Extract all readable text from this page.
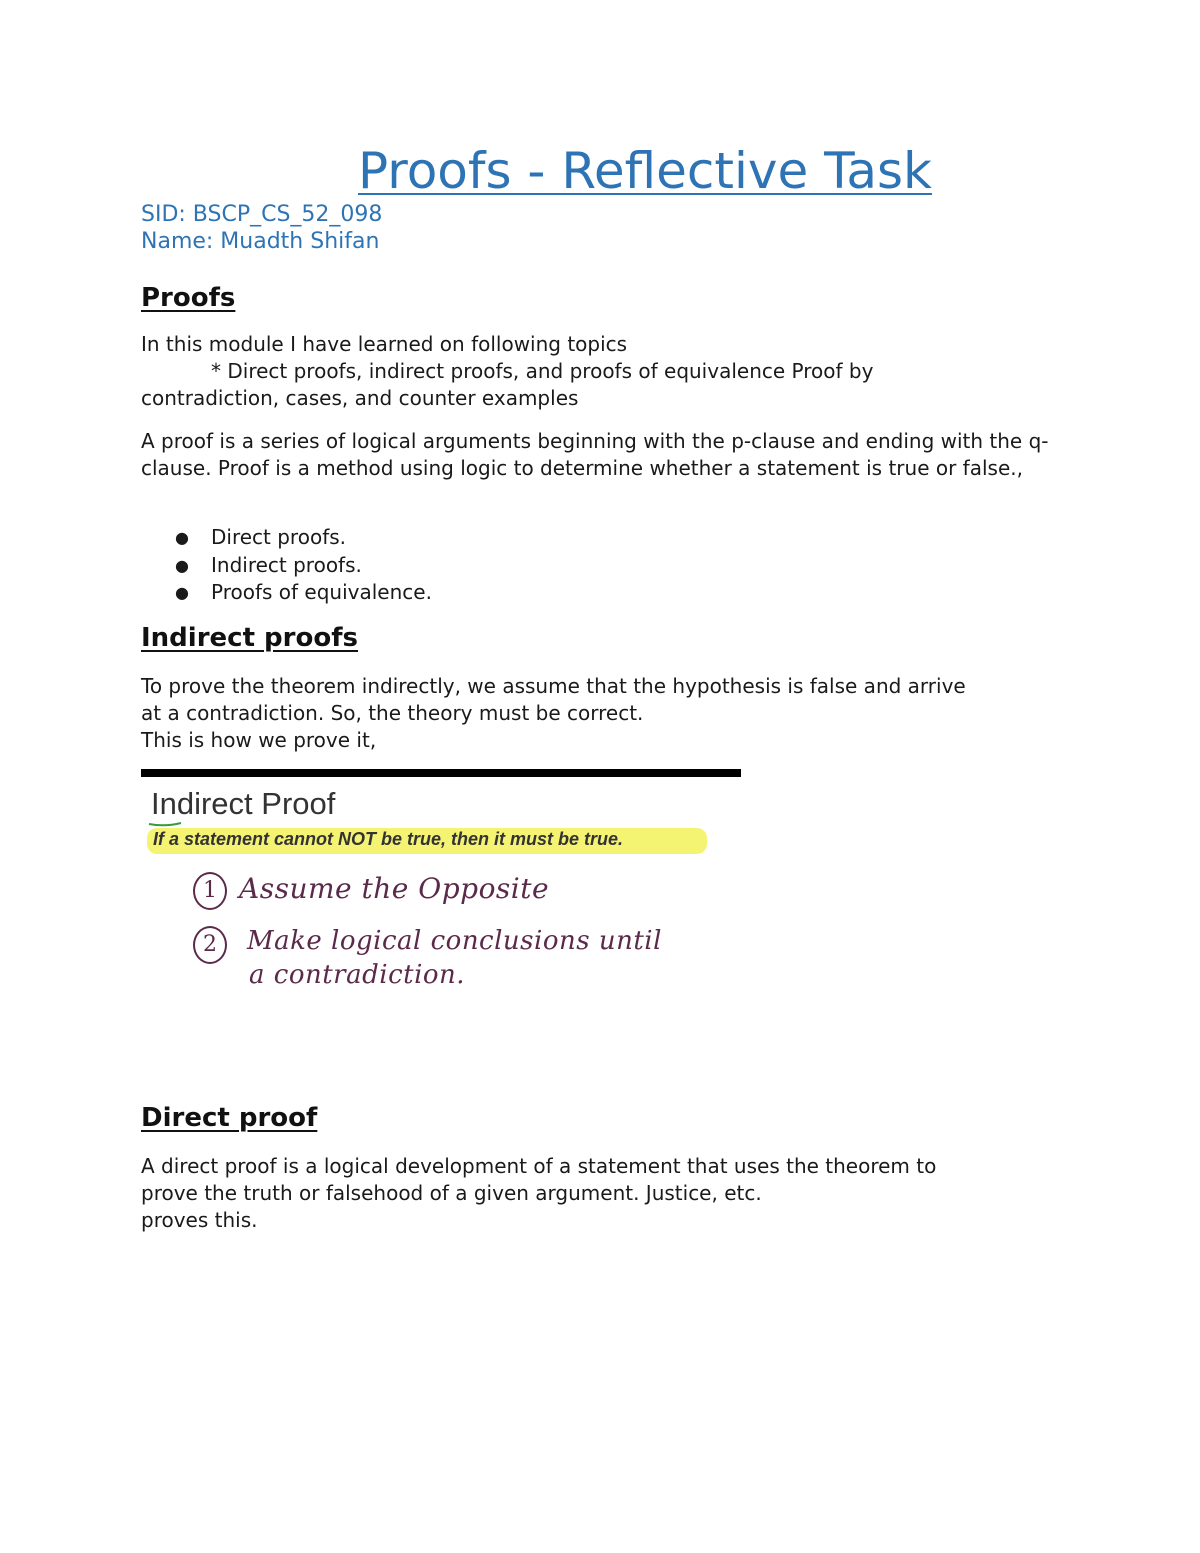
Proofs - Reflective Task
SID: BSCP_CS_52_098
Name: Muadth Shifan
Proofs
In this module I have learned on following topics
* Direct proofs, indirect proofs, and proofs of equivalence Proof by
contradiction, cases, and counter examples

A proof is a series of logical arguments beginning with the p-clause and ending with the q-clause. Proof is a method using logic to determine whether a statement is true or false.,

● Direct proofs.
● Indirect proofs.
● Proofs of equivalence.
Indirect proofs
To prove the theorem indirectly, we assume that the hypothesis is false and arrive
at a contradiction. So, the theory must be correct.
This is how we prove it,
Indirect Proof
If a statement cannot NOT be true, then it must be true.
1 Assume the Opposite
2	Make logical conclusions until
a contradiction.
Direct proof
A direct proof is a logical development of a statement that uses the theorem to
prove the truth or falsehood of a given argument. Justice, etc.
proves this.
